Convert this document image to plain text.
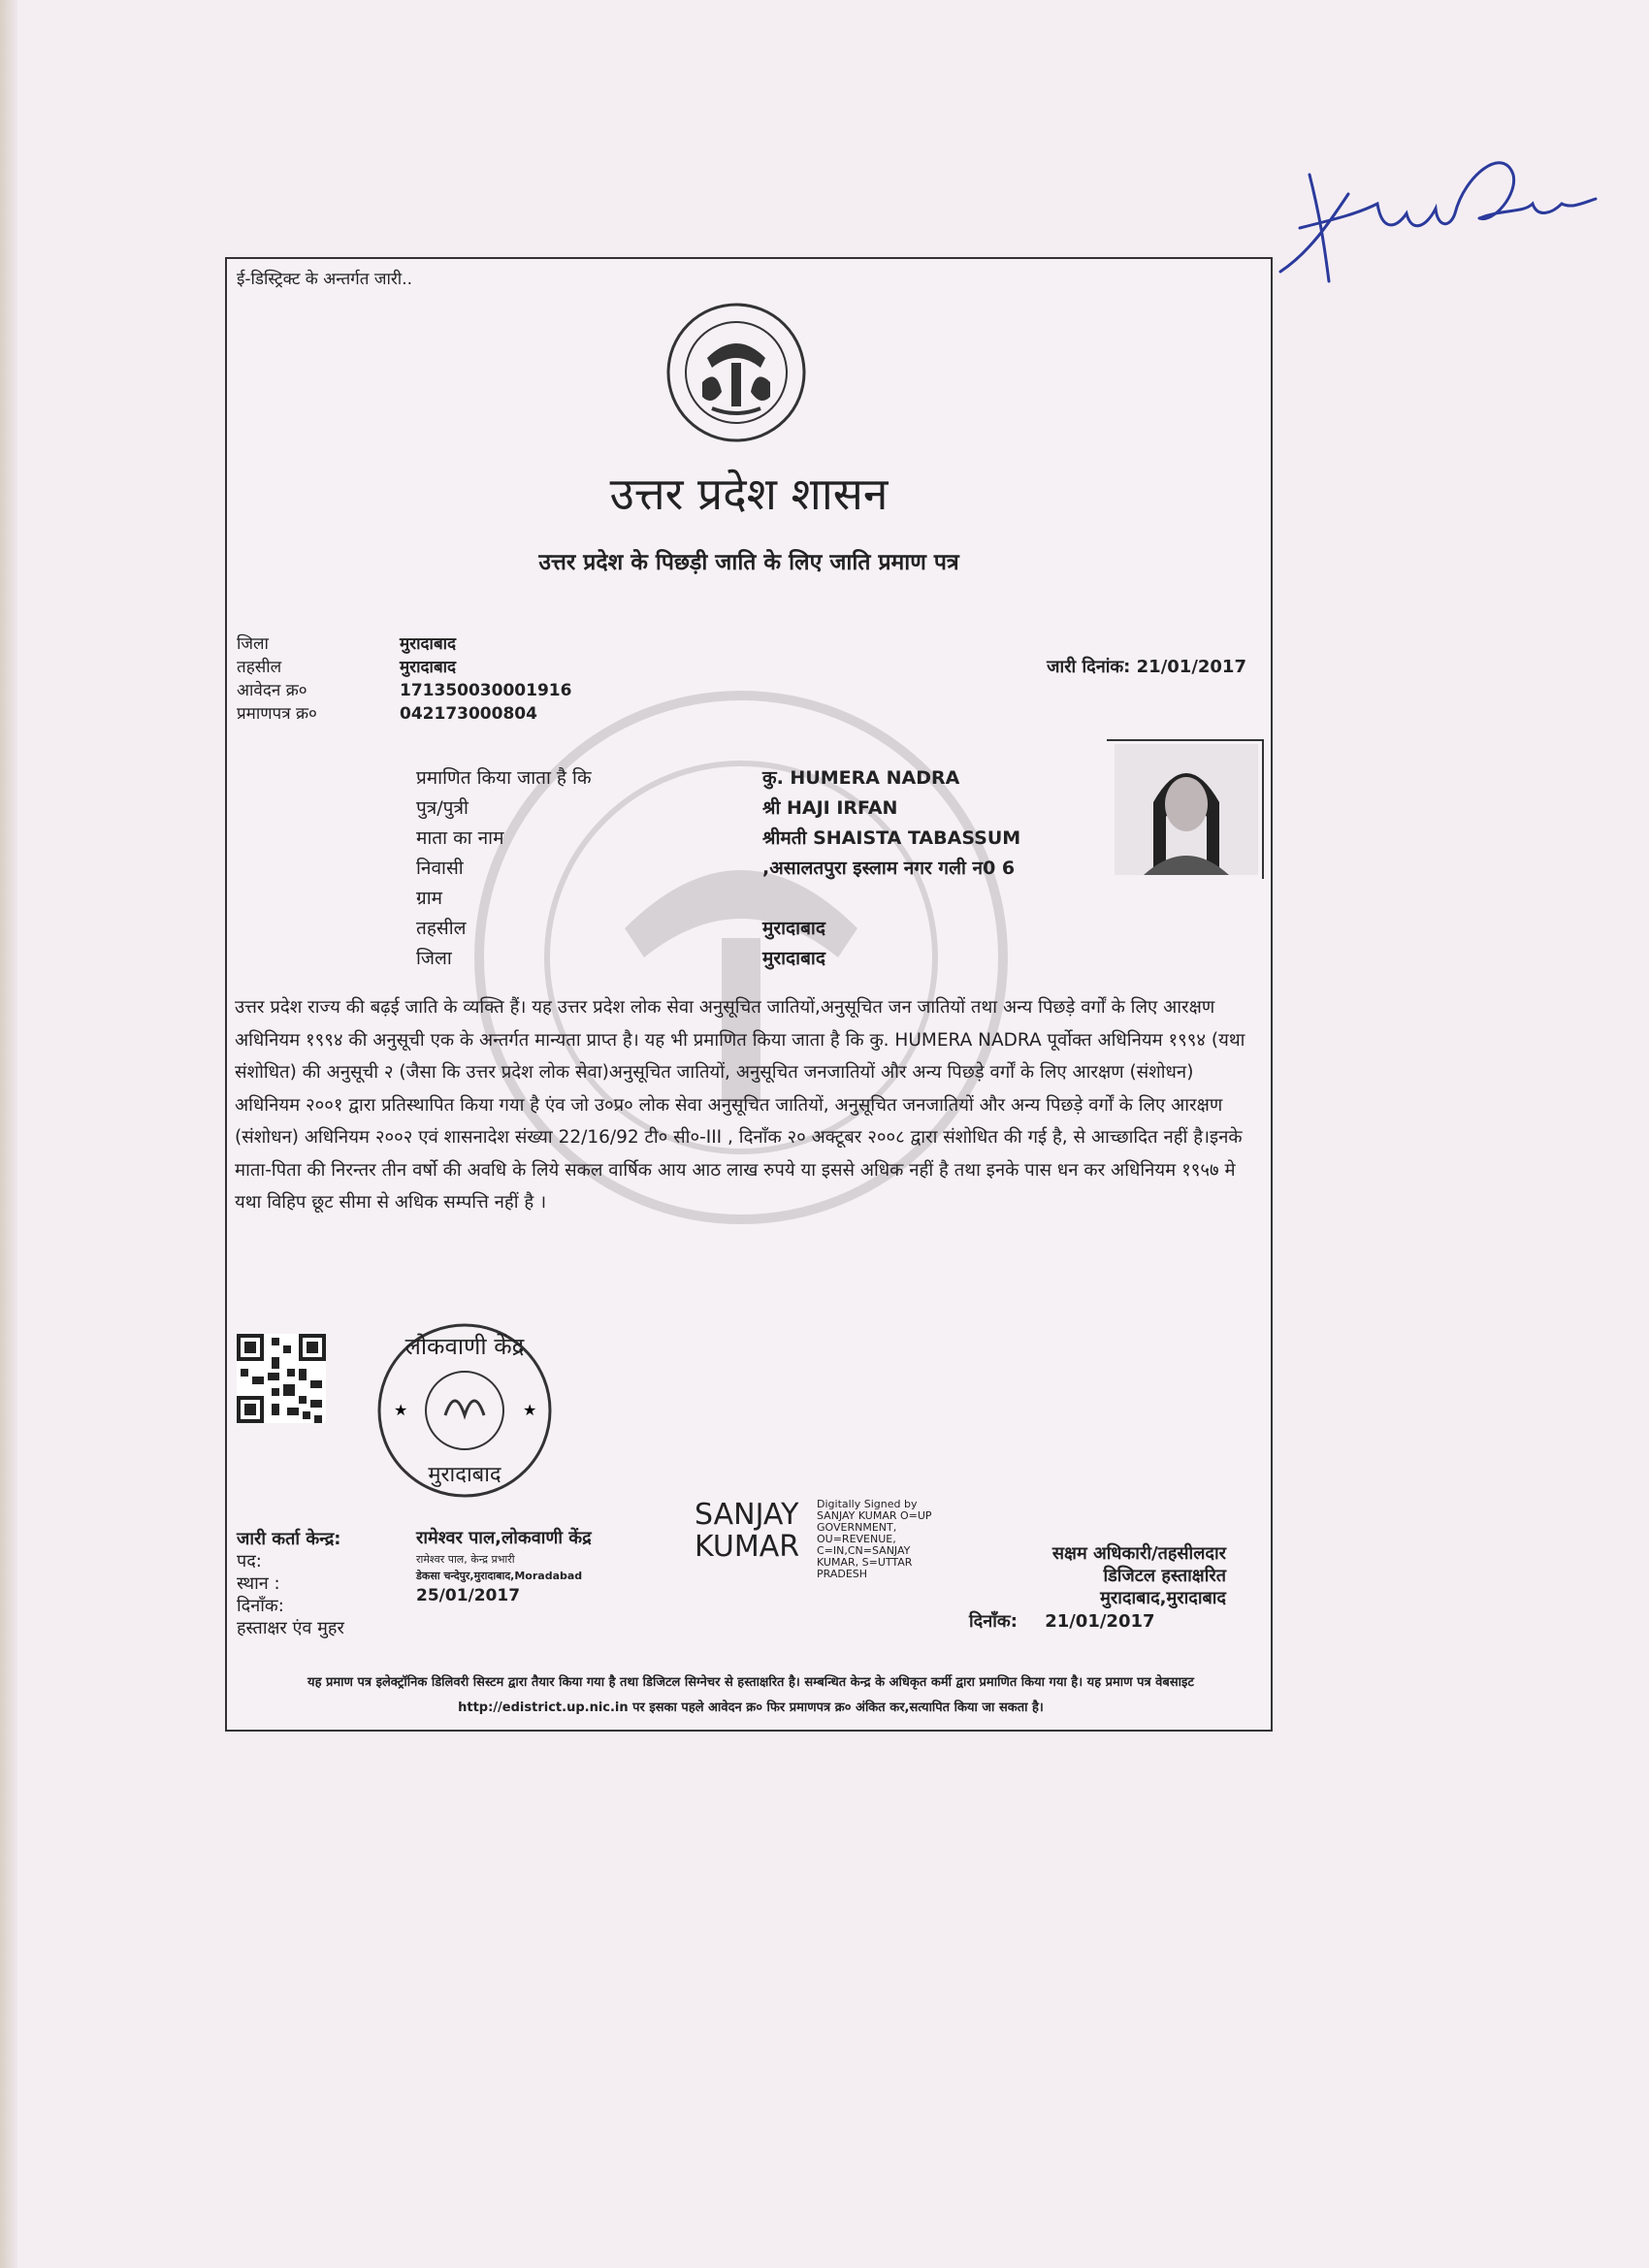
ई-डिस्ट्रिक्ट के अन्तर्गत जारी..
उत्तर प्रदेश शासन
उत्तर प्रदेश के पिछड़ी जाति के लिए जाति प्रमाण पत्र
जिला
तहसील
आवेदन क्र०
प्रमाणपत्र क्र०
मुरादाबाद
मुरादाबाद
171350030001916
042173000804
जारी दिनांक: 21/01/2017
प्रमाणित किया जाता है कि
पुत्र/पुत्री
माता का नाम
निवासी
ग्राम
तहसील
जिला
कु. HUMERA NADRA
श्री HAJI IRFAN
श्रीमती SHAISTA TABASSUM
,असालतपुरा इस्लाम नगर गली न0 6
मुरादाबाद
मुरादाबाद
उत्तर प्रदेश राज्य की बढ़ई जाति के व्यक्ति हैं। यह उत्तर प्रदेश लोक सेवा अनुसूचित जातियों,अनुसूचित जन जातियों तथा अन्य पिछड़े वर्गों के लिए आरक्षण अधिनियम १९९४ की अनुसूची एक के अन्तर्गत मान्यता प्राप्त है। यह भी प्रमाणित किया जाता है कि कु. HUMERA NADRA पूर्वोक्त अधिनियम १९९४ (यथा संशोधित) की अनुसूची २ (जैसा कि उत्तर प्रदेश लोक सेवा)अनुसूचित जातियों, अनुसूचित जनजातियों और अन्य पिछड़े वर्गों के लिए आरक्षण (संशोधन) अधिनियम २००१ द्वारा प्रतिस्थापित किया गया है एंव जो उ०प्र० लोक सेवा अनुसूचित जातियों, अनुसूचित जनजातियों और अन्य पिछड़े वर्गों के लिए आरक्षण (संशोधन) अधिनियम २००२ एवं शासनादेश संख्या 22/16/92 टी० सी०-III , दिनाँक २० अक्टूबर २००८ द्वारा संशोधित की गई है, से आच्छादित नहीं है।इनके माता-पिता की निरन्तर तीन वर्षो की अवधि के लिये सकल वार्षिक आय आठ लाख रुपये या इससे अधिक नहीं है तथा इनके पास धन कर अधिनियम १९५७ मे यथा विहिप छूट सीमा से अधिक सम्पत्ति नहीं है ।
★	★
लोकवाणी केंद्र
मुरादाबाद
जारी कर्ता केन्द्र:
पद:
स्थान :
दिनाँक:
हस्ताक्षर एंव मुहर
रामेश्वर पाल,लोकवाणी केंद्र
रामेश्वर पाल, केन्द्र प्रभारी
डेकसा चन्देपुर,मुरादाबाद,Moradabad
25/01/2017
SANJAY
KUMAR
Digitally Signed by SANJAY KUMAR O=UP GOVERNMENT, OU=REVENUE, C=IN,CN=SANJAY KUMAR, S=UTTAR PRADESH
सक्षम अधिकारी/तहसीलदार
डिजिटल हस्ताक्षरित
मुरादाबाद,मुरादाबाद
दिनाँक: 21/01/2017
यह प्रमाण पत्र इलेक्ट्रॉनिक डिलिवरी सिस्टम द्वारा तैयार किया गया है तथा डिजिटल सिग्नेचर से हस्ताक्षरित है। सम्बन्धित केन्द्र के अधिकृत कर्मी द्वारा प्रमाणित किया गया है। यह प्रमाण पत्र वेबसाइट http://edistrict.up.nic.in पर इसका पहले आवेदन क्र० फिर प्रमाणपत्र क्र० अंकित कर,सत्यापित किया जा सकता है।
